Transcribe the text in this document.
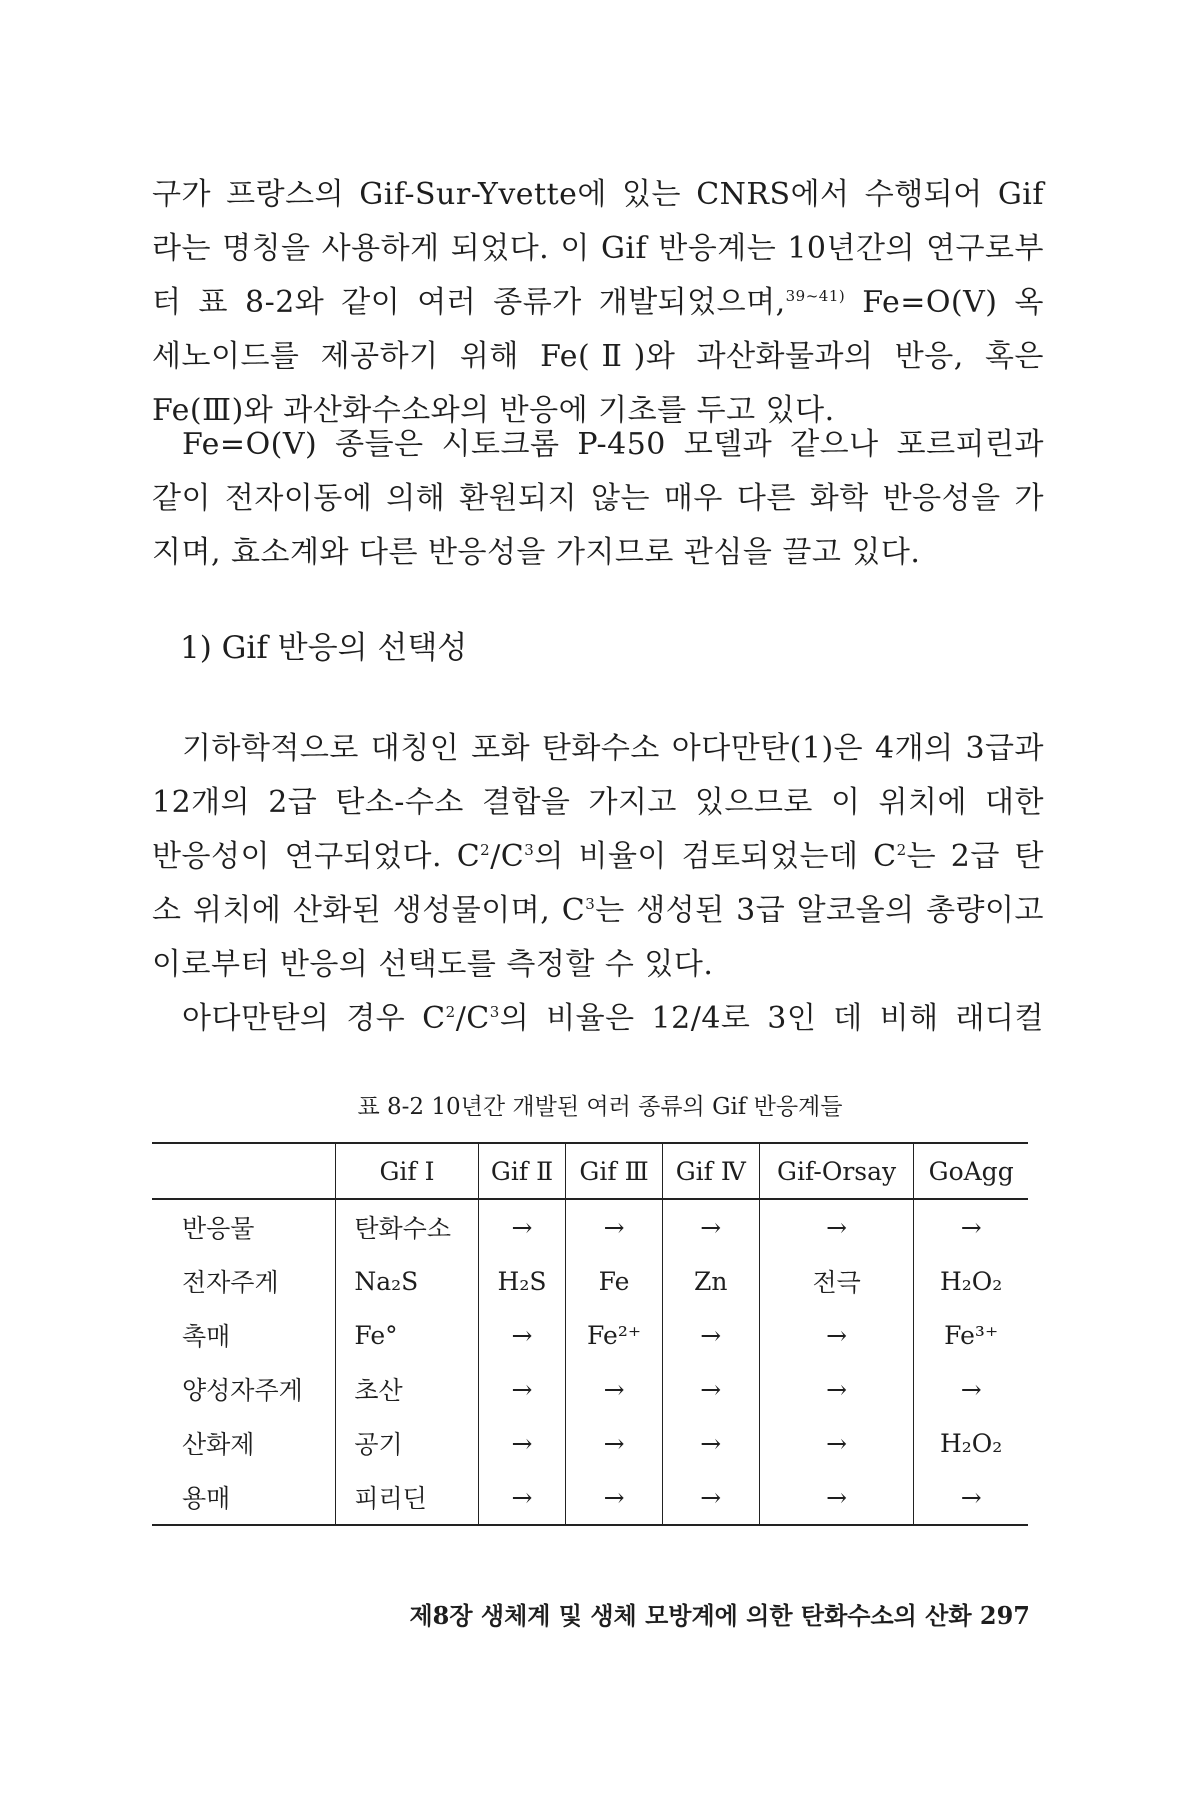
구가 프랑스의 Gif-Sur-Yvette에 있는 CNRS에서 수행되어 Gif
라는 명칭을 사용하게 되었다. 이 Gif 반응계는 10년간의 연구로부
터 표 8-2와 같이 여러 종류가 개발되었으며,$^{39\sim 41)}$ Fe=O(V) 옥
세노이드를 제공하기 위해 Fe(Ⅱ)와 과산화물과의 반응, 혹은
Fe(Ⅲ)와 과산화수소와의 반응에 기초를 두고 있다.
Fe=O(V) 종들은 시토크롬 P-450 모델과 같으나 포르피린과
같이 전자이동에 의해 환원되지 않는 매우 다른 화학 반응성을 가
지며, 효소계와 다른 반응성을 가지므로 관심을 끌고 있다.
1) Gif 반응의 선택성
기하학적으로 대칭인 포화 탄화수소 아다만탄(1)은 4개의 3급과
12개의 2급 탄소-수소 결합을 가지고 있으므로 이 위치에 대한
반응성이 연구되었다. $C^2/C^3$의 비율이 검토되었는데 $C^2$는 2급 탄
소 위치에 산화된 생성물이며, $C^3$는 생성된 3급 알코올의 총량이고
이로부터 반응의 선택도를 측정할 수 있다.
아다만탄의 경우 $C^2/C^3$의 비율은 12/4로 3인 데 비해 래디컬
표 8-2 10년간 개발된 여러 종류의 Gif 반응계들
	Gif Ⅰ	Gif Ⅱ	Gif Ⅲ	Gif Ⅳ	Gif-Orsay	GoAgg
반응물	탄화수소	→	→	→	→	→
전자주게	Na₂S	H₂S	Fe	Zn	전극	H₂O₂
촉매	Fe°	→	Fe²⁺	→	→	Fe³⁺
양성자주게	초산	→	→	→	→	→
산화제	공기	→	→	→	→	H₂O₂
용매	피리딘	→	→	→	→	→
제8장 생체계 및 생체 모방계에 의한 탄화수소의 산화 297
